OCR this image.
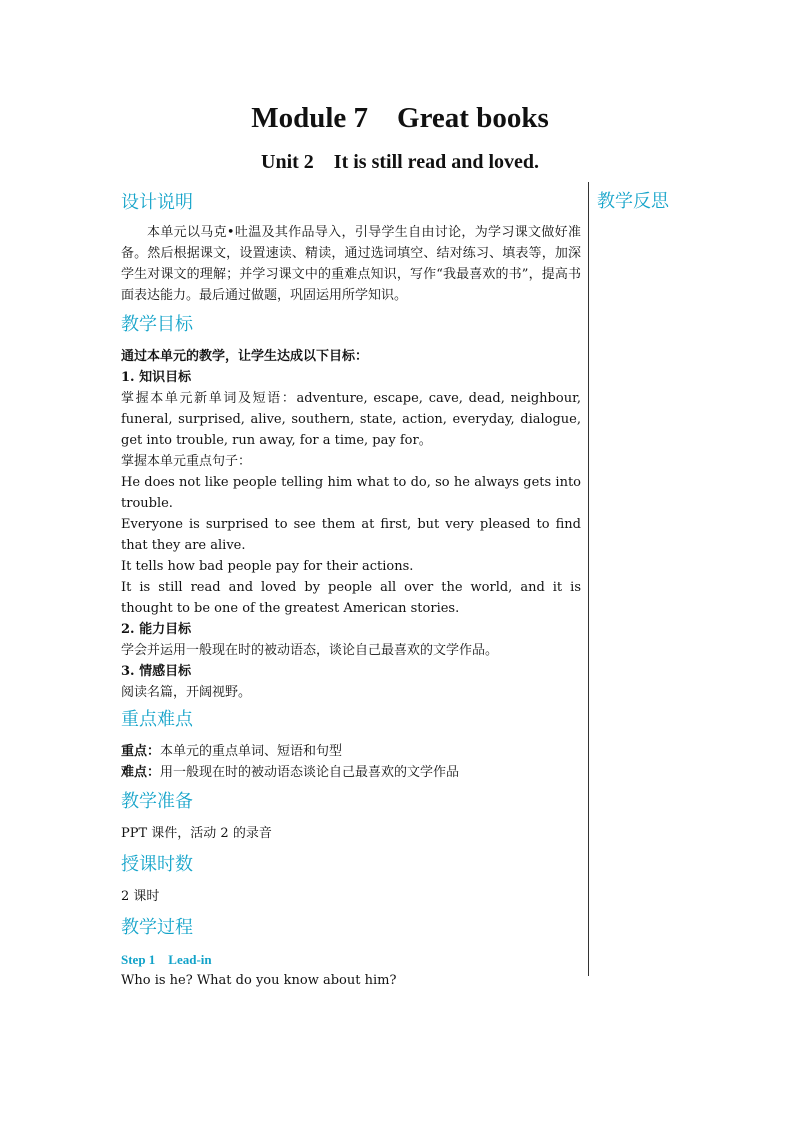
Module 7    Great books
Unit 2    It is still read and loved.
教学反思
设计说明

本单元以马克•吐温及其作品导入，引导学生自由讨论，为学习课文做好准备。然后根据课文，设置速读、精读，通过选词填空、结对练习、填表等，加深学生对课文的理解；并学习课文中的重难点知识，写作“我最喜欢的书”，提高书面表达能力。最后通过做题，巩固运用所学知识。

教学目标

通过本单元的教学，让学生达成以下目标：

1. 知识目标

掌握本单元新单词及短语：adventure, escape, cave, dead, neighbour, funeral, surprised, alive, southern, state, action, everyday, dialogue, get into trouble, run away, for a time, pay for。

掌握本单元重点句子：

He does not like people telling him what to do, so he always gets into trouble.

Everyone is surprised to see them at first, but very pleased to find that they are alive.

It tells how bad people pay for their actions.

It is still read and loved by people all over the world, and it is thought to be one of the greatest American stories.

2. 能力目标

学会并运用一般现在时的被动语态，谈论自己最喜欢的文学作品。

3. 情感目标

阅读名篇，开阔视野。

重点难点

重点：本单元的重点单词、短语和句型

难点：用一般现在时的被动语态谈论自己最喜欢的文学作品

教学准备

PPT 课件，活动 2 的录音

授课时数

2 课时

教学过程

Step 1    Lead-in

Who is he? What do you know about him?
